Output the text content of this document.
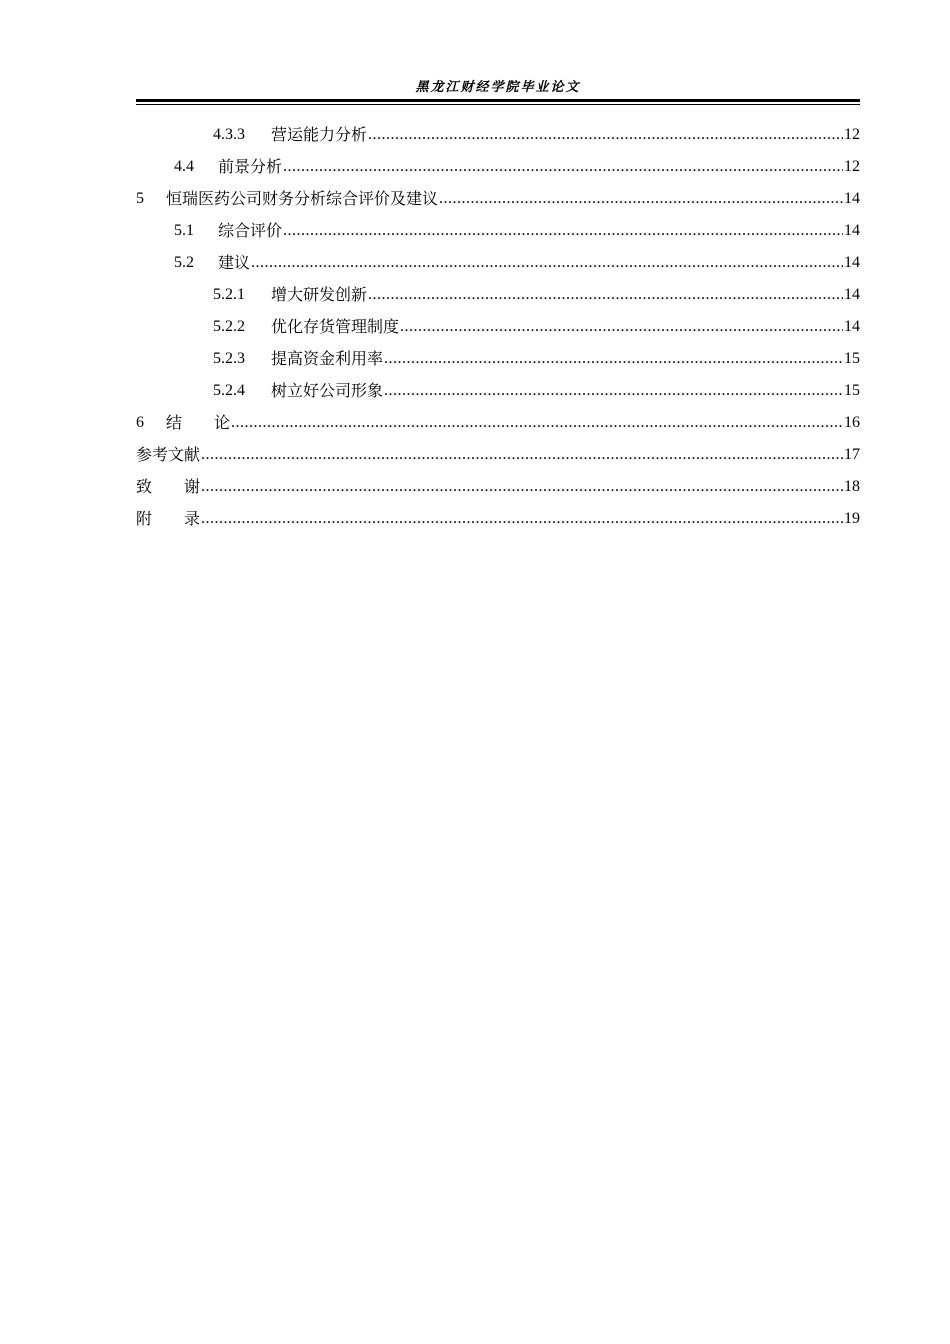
黑龙江财经学院毕业论文
4.3.3	营运能力分析 .....	12
4.4	前景分析 .....	12
5	恒瑞医药公司财务分析综合评价及建议 .....	14
5.1	综合评价 .....	14
5.2	建议 .....	14
5.2.1	增大研发创新 .....	14
5.2.2	优化存货管理制度 .....	14
5.2.3	提高资金利用率 .....	15
5.2.4	树立好公司形象 .....	15
6	结 论 .....	16
参考文献 .....	17
致 谢 .....	18
附 录 .....	19
